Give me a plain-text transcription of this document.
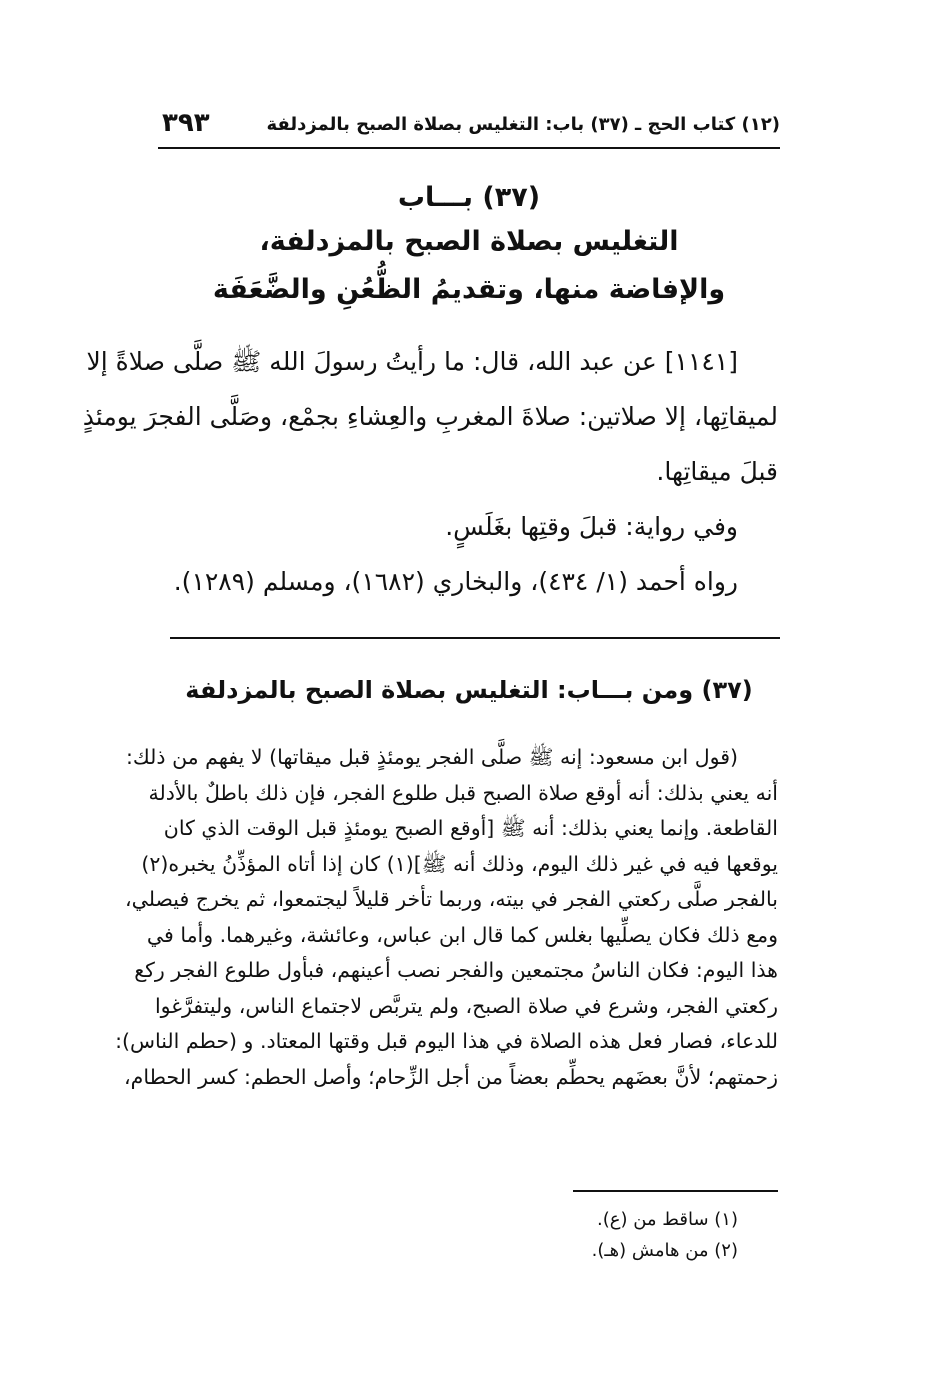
(١٢) كتاب الحج ـ (٣٧) باب: التغليس بصلاة الصبح بالمزدلفة
٣٩٣
(٣٧) بـــاب
التغليس بصلاة الصبح بالمزدلفة،
والإفاضة منها، وتقديمُ الظُّعُنِ والضَّعَفَة

[١١٤١] عن عبد الله، قال: ما رأيتُ رسولَ الله ﷺ صلَّى صلاةً إلا

لميقاتِها، إلا صلاتين: صلاةَ المغربِ والعِشاءِ بجمْع، وصَلَّى الفجرَ يومئذٍ

قبلَ ميقاتِها.

وفي رواية: قبلَ وقتِها بغَلَسٍ.

رواه أحمد (١/ ٤٣٤)، والبخاري (١٦٨٢)، ومسلم (١٢٨٩).

(٣٧) ومن بـــاب: التغليس بصلاة الصبح بالمزدلفة

(قول ابن مسعود: إنه ﷺ صلَّى الفجر يومئذٍ قبل ميقاتها) لا يفهم من ذلك:

أنه يعني بذلك: أنه أوقع صلاة الصبح قبل طلوع الفجر، فإن ذلك باطلٌ بالأدلة

القاطعة. وإنما يعني بذلك: أنه ﷺ [أوقع الصبح يومئذٍ قبل الوقت الذي كان

يوقعها فيه في غير ذلك اليوم، وذلك أنه ﷺ](١) كان إذا أتاه المؤذِّنُ يخبره(٢)

بالفجر صلَّى ركعتي الفجر في بيته، وربما تأخر قليلاً ليجتمعوا، ثم يخرج فيصلي،

ومع ذلك فكان يصلِّيها بغلس كما قال ابن عباس، وعائشة، وغيرهما. وأما في

هذا اليوم: فكان الناسُ مجتمعين والفجر نصب أعينهم، فبأول طلوع الفجر ركع

ركعتي الفجر، وشرع في صلاة الصبح، ولم يتربَّص لاجتماع الناس، وليتفرَّغوا

للدعاء، فصار فعل هذه الصلاة في هذا اليوم قبل وقتها المعتاد. و (حطم الناس):

زحمتهم؛ لأنَّ بعضَهم يحطِّم بعضاً من أجل الزِّحام؛ وأصل الحطم: كسر الحطام،

(١) ساقط من (ع).

(٢) من هامش (هـ).
